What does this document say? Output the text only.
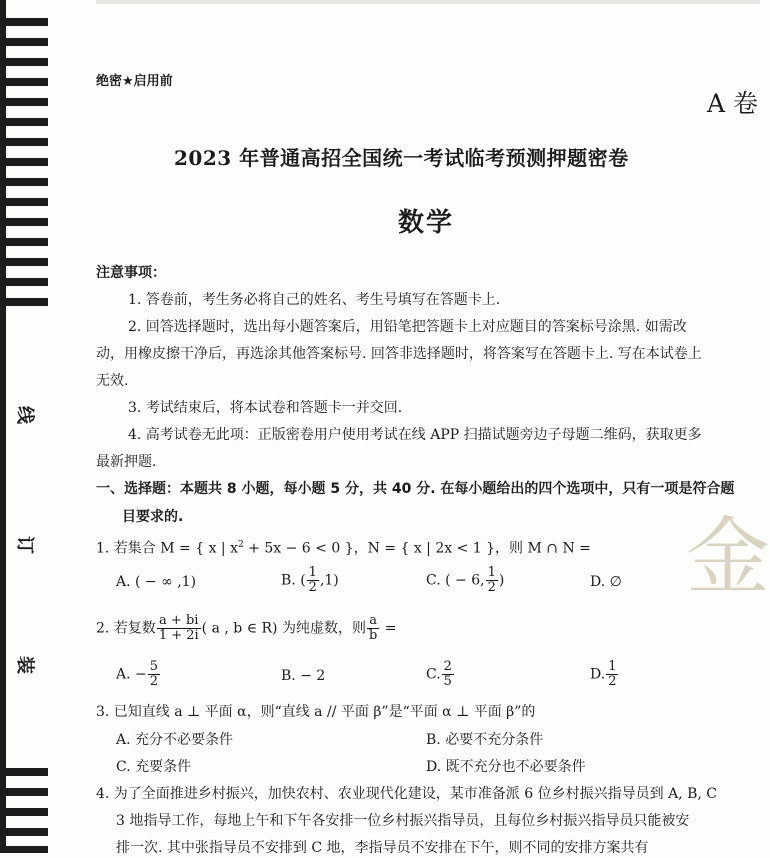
线
订
装
绝密★启用前
A 卷
2023 年普通高招全国统一考试临考预测押题密卷
数学
注意事项：
1. 答卷前，考生务必将自己的姓名、考生号填写在答题卡上.
2. 回答选择题时，选出每小题答案后，用铅笔把答题卡上对应题目的答案标号涂黑. 如需改
动，用橡皮擦干净后，再选涂其他答案标号. 回答非选择题时，将答案写在答题卡上. 写在本试卷上
无效.
3. 考试结束后，将本试卷和答题卡一并交回.
4. 高考试卷无此项：正版密卷用户使用考试在线 APP 扫描试题旁边子母题二维码，获取更多
最新押题.
一、选择题：本题共 8 小题，每小题 5 分，共 40 分. 在每小题给出的四个选项中，只有一项是符合题
目要求的.	金
1. 若集合 M = { x | $x^2 + 5x - 6 < 0$ }，N = { x | 2x < 1 }，则 M ∩ N =
A. ( − ∞ ,1)	B. ( $\frac{1}{2} ,1$)	C. ( − 6, $\frac{1}{2}$ )	D. ∅
2. 若复数 $\frac{a + bi}{1 + 2i}$ ( a , b ∈ R) 为纯虚数，则 $\frac{a}{b}$ =
A. − $\frac{5}{2}$	B. − 2	C. $\frac{2}{5}$	D. $\frac{1}{2}$
3. 已知直线 a ⊥ 平面 α，则“直线 a // 平面 β”是“平面 α ⊥ 平面 β”的
A. 充分不必要条件	B. 必要不充分条件
C. 充要条件	D. 既不充分也不必要条件
4. 为了全面推进乡村振兴，加快农村、农业现代化建设，某市准备派 6 位乡村振兴指导员到 A, B, C
3 地指导工作，每地上午和下午各安排一位乡村振兴指导员，且每位乡村振兴指导员只能被安
排一次. 其中张指导员不安排到 C 地，李指导员不安排在下午，则不同的安排方案共有
